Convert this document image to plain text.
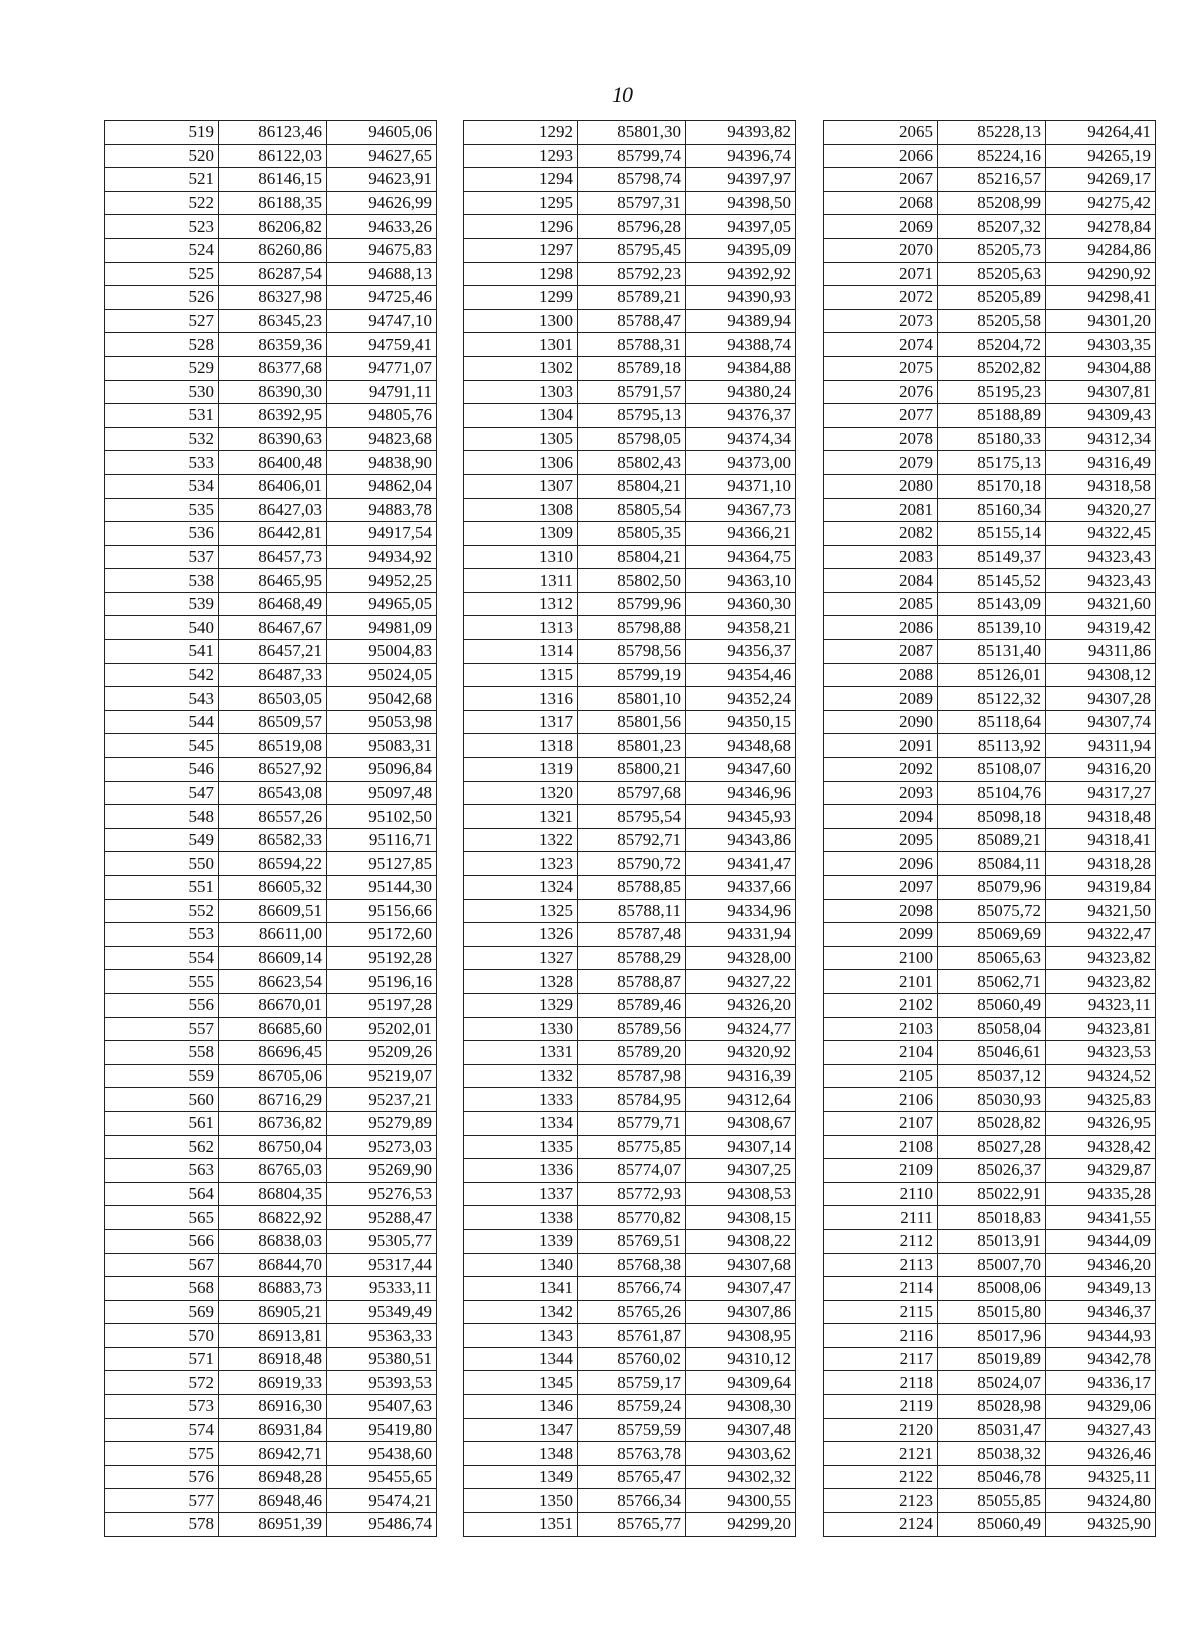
10
519	86123,46	94605,06
520	86122,03	94627,65
521	86146,15	94623,91
522	86188,35	94626,99
523	86206,82	94633,26
524	86260,86	94675,83
525	86287,54	94688,13
526	86327,98	94725,46
527	86345,23	94747,10
528	86359,36	94759,41
529	86377,68	94771,07
530	86390,30	94791,11
531	86392,95	94805,76
532	86390,63	94823,68
533	86400,48	94838,90
534	86406,01	94862,04
535	86427,03	94883,78
536	86442,81	94917,54
537	86457,73	94934,92
538	86465,95	94952,25
539	86468,49	94965,05
540	86467,67	94981,09
541	86457,21	95004,83
542	86487,33	95024,05
543	86503,05	95042,68
544	86509,57	95053,98
545	86519,08	95083,31
546	86527,92	95096,84
547	86543,08	95097,48
548	86557,26	95102,50
549	86582,33	95116,71
550	86594,22	95127,85
551	86605,32	95144,30
552	86609,51	95156,66
553	86611,00	95172,60
554	86609,14	95192,28
555	86623,54	95196,16
556	86670,01	95197,28
557	86685,60	95202,01
558	86696,45	95209,26
559	86705,06	95219,07
560	86716,29	95237,21
561	86736,82	95279,89
562	86750,04	95273,03
563	86765,03	95269,90
564	86804,35	95276,53
565	86822,92	95288,47
566	86838,03	95305,77
567	86844,70	95317,44
568	86883,73	95333,11
569	86905,21	95349,49
570	86913,81	95363,33
571	86918,48	95380,51
572	86919,33	95393,53
573	86916,30	95407,63
574	86931,84	95419,80
575	86942,71	95438,60
576	86948,28	95455,65
577	86948,46	95474,21
578	86951,39	95486,74
1292	85801,30	94393,82
1293	85799,74	94396,74
1294	85798,74	94397,97
1295	85797,31	94398,50
1296	85796,28	94397,05
1297	85795,45	94395,09
1298	85792,23	94392,92
1299	85789,21	94390,93
1300	85788,47	94389,94
1301	85788,31	94388,74
1302	85789,18	94384,88
1303	85791,57	94380,24
1304	85795,13	94376,37
1305	85798,05	94374,34
1306	85802,43	94373,00
1307	85804,21	94371,10
1308	85805,54	94367,73
1309	85805,35	94366,21
1310	85804,21	94364,75
1311	85802,50	94363,10
1312	85799,96	94360,30
1313	85798,88	94358,21
1314	85798,56	94356,37
1315	85799,19	94354,46
1316	85801,10	94352,24
1317	85801,56	94350,15
1318	85801,23	94348,68
1319	85800,21	94347,60
1320	85797,68	94346,96
1321	85795,54	94345,93
1322	85792,71	94343,86
1323	85790,72	94341,47
1324	85788,85	94337,66
1325	85788,11	94334,96
1326	85787,48	94331,94
1327	85788,29	94328,00
1328	85788,87	94327,22
1329	85789,46	94326,20
1330	85789,56	94324,77
1331	85789,20	94320,92
1332	85787,98	94316,39
1333	85784,95	94312,64
1334	85779,71	94308,67
1335	85775,85	94307,14
1336	85774,07	94307,25
1337	85772,93	94308,53
1338	85770,82	94308,15
1339	85769,51	94308,22
1340	85768,38	94307,68
1341	85766,74	94307,47
1342	85765,26	94307,86
1343	85761,87	94308,95
1344	85760,02	94310,12
1345	85759,17	94309,64
1346	85759,24	94308,30
1347	85759,59	94307,48
1348	85763,78	94303,62
1349	85765,47	94302,32
1350	85766,34	94300,55
1351	85765,77	94299,20
2065	85228,13	94264,41
2066	85224,16	94265,19
2067	85216,57	94269,17
2068	85208,99	94275,42
2069	85207,32	94278,84
2070	85205,73	94284,86
2071	85205,63	94290,92
2072	85205,89	94298,41
2073	85205,58	94301,20
2074	85204,72	94303,35
2075	85202,82	94304,88
2076	85195,23	94307,81
2077	85188,89	94309,43
2078	85180,33	94312,34
2079	85175,13	94316,49
2080	85170,18	94318,58
2081	85160,34	94320,27
2082	85155,14	94322,45
2083	85149,37	94323,43
2084	85145,52	94323,43
2085	85143,09	94321,60
2086	85139,10	94319,42
2087	85131,40	94311,86
2088	85126,01	94308,12
2089	85122,32	94307,28
2090	85118,64	94307,74
2091	85113,92	94311,94
2092	85108,07	94316,20
2093	85104,76	94317,27
2094	85098,18	94318,48
2095	85089,21	94318,41
2096	85084,11	94318,28
2097	85079,96	94319,84
2098	85075,72	94321,50
2099	85069,69	94322,47
2100	85065,63	94323,82
2101	85062,71	94323,82
2102	85060,49	94323,11
2103	85058,04	94323,81
2104	85046,61	94323,53
2105	85037,12	94324,52
2106	85030,93	94325,83
2107	85028,82	94326,95
2108	85027,28	94328,42
2109	85026,37	94329,87
2110	85022,91	94335,28
2111	85018,83	94341,55
2112	85013,91	94344,09
2113	85007,70	94346,20
2114	85008,06	94349,13
2115	85015,80	94346,37
2116	85017,96	94344,93
2117	85019,89	94342,78
2118	85024,07	94336,17
2119	85028,98	94329,06
2120	85031,47	94327,43
2121	85038,32	94326,46
2122	85046,78	94325,11
2123	85055,85	94324,80
2124	85060,49	94325,90
